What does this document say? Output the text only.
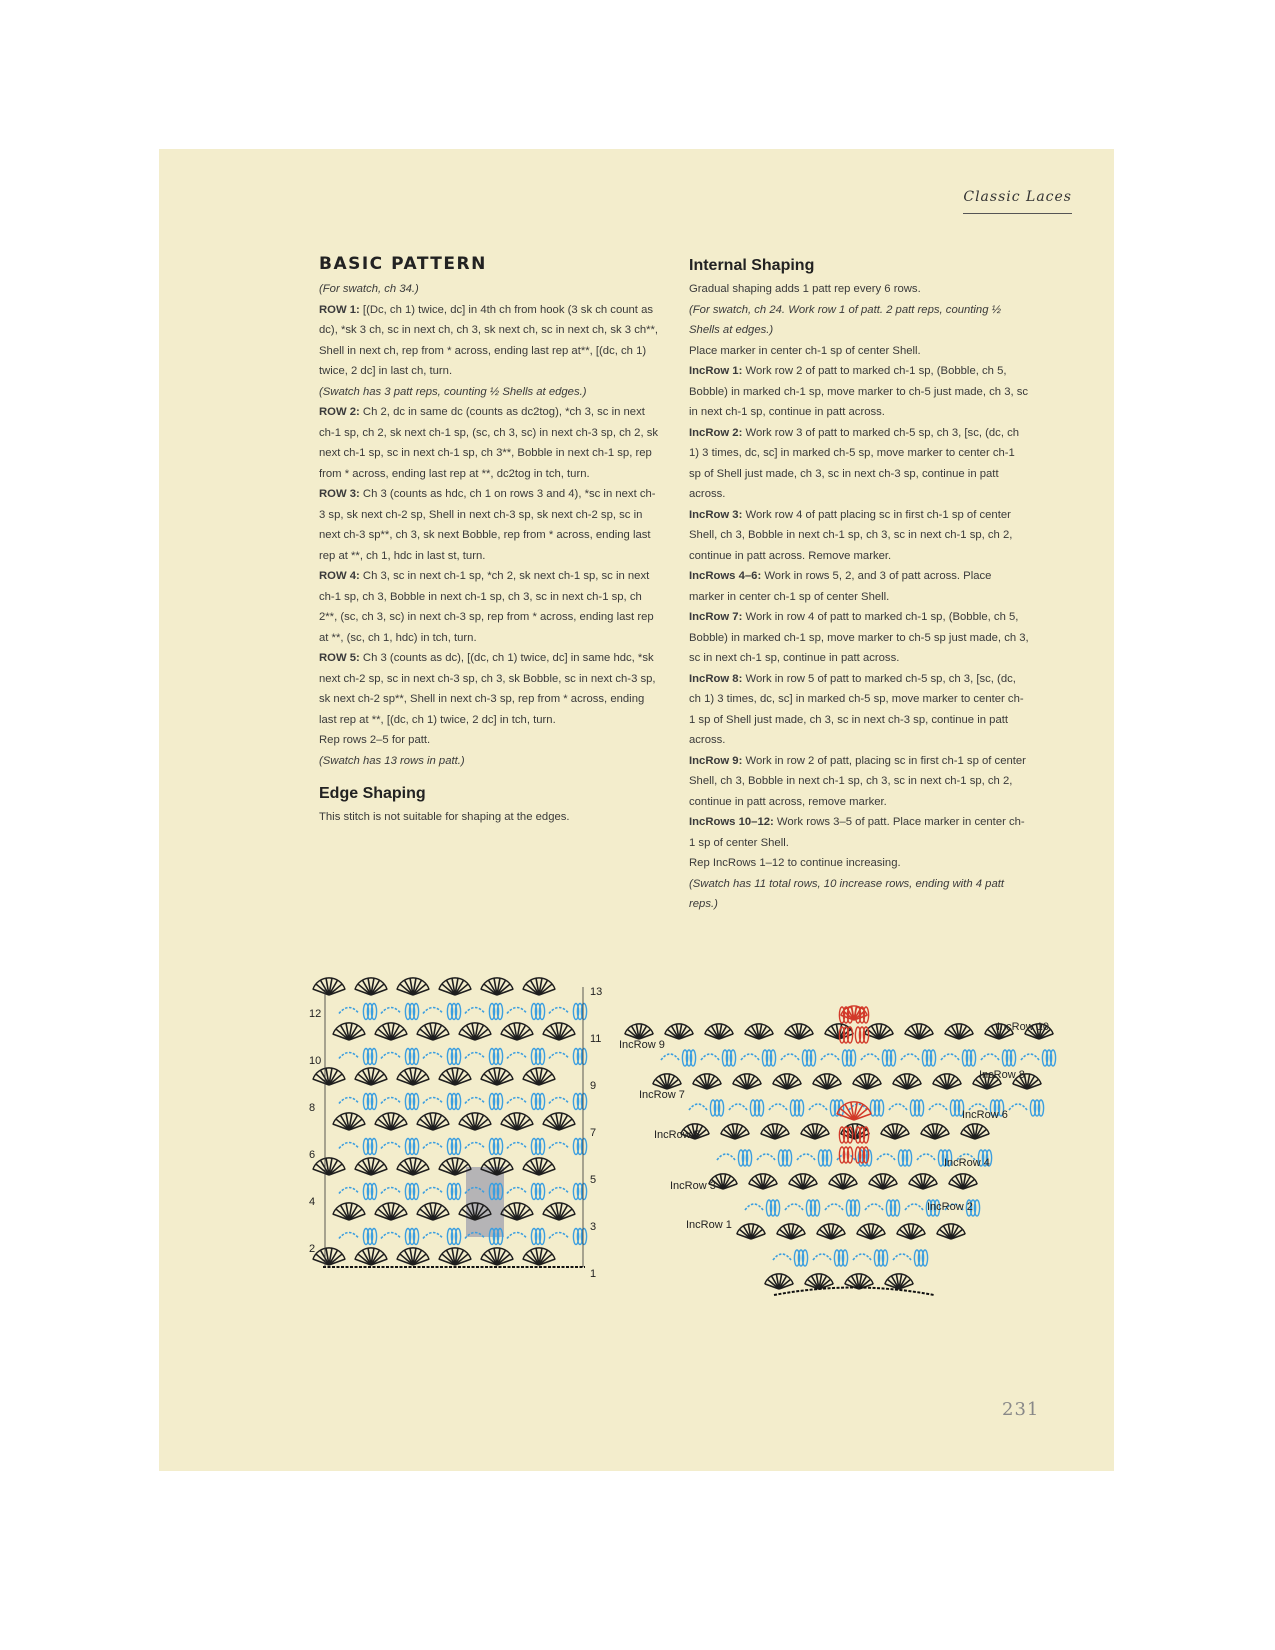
Classic Laces
BASIC PATTERN

(For swatch, ch 34.)

ROW 1: [(Dc, ch 1) twice, dc] in 4th ch from hook (3 sk ch count as dc), *sk 3 ch, sc in next ch, ch 3, sk next ch, sc in next ch, sk 3 ch**, Shell in next ch, rep from * across, ending last rep at**, [(dc, ch 1) twice, 2 dc] in last ch, turn.

(Swatch has 3 patt reps, counting ½ Shells at edges.)

ROW 2: Ch 2, dc in same dc (counts as dc2tog), *ch 3, sc in next ch-1 sp, ch 2, sk next ch-1 sp, (sc, ch 3, sc) in next ch-3 sp, ch 2, sk next ch-1 sp, sc in next ch-1 sp, ch 3**, Bobble in next ch-1 sp, rep from * across, ending last rep at **, dc2tog in tch, turn.

ROW 3: Ch 3 (counts as hdc, ch 1 on rows 3 and 4), *sc in next ch-3 sp, sk next ch-2 sp, Shell in next ch-3 sp, sk next ch-2 sp, sc in next ch-3 sp**, ch 3, sk next Bobble, rep from * across, ending last rep at **, ch 1, hdc in last st, turn.

ROW 4: Ch 3, sc in next ch-1 sp, *ch 2, sk next ch-1 sp, sc in next ch-1 sp, ch 3, Bobble in next ch-1 sp, ch 3, sc in next ch-1 sp, ch 2**, (sc, ch 3, sc) in next ch-3 sp, rep from * across, ending last rep at **, (sc, ch 1, hdc) in tch, turn.

ROW 5: Ch 3 (counts as dc), [(dc, ch 1) twice, dc] in same hdc, *sk next ch-2 sp, sc in next ch-3 sp, ch 3, sk Bobble, sc in next ch-3 sp, sk next ch-2 sp**, Shell in next ch-3 sp, rep from * across, ending last rep at **, [(dc, ch 1) twice, 2 dc] in tch, turn.

Rep rows 2–5 for patt.

(Swatch has 13 rows in patt.)

Edge Shaping

This stitch is not suitable for shaping at the edges.

Internal Shaping

Gradual shaping adds 1 patt rep every 6 rows.

(For swatch, ch 24. Work row 1 of patt. 2 patt reps, counting ½ Shells at edges.)

Place marker in center ch-1 sp of center Shell.

IncRow 1: Work row 2 of patt to marked ch-1 sp, (Bobble, ch 5, Bobble) in marked ch-1 sp, move marker to ch-5 just made, ch 3, sc in next ch-1 sp, continue in patt across.

IncRow 2: Work row 3 of patt to marked ch-5 sp, ch 3, [sc, (dc, ch 1) 3 times, dc, sc] in marked ch-5 sp, move marker to center ch-1 sp of Shell just made, ch 3, sc in next ch-3 sp, continue in patt across.

IncRow 3: Work row 4 of patt placing sc in first ch-1 sp of center Shell, ch 3, Bobble in next ch-1 sp, ch 3, sc in next ch-1 sp, ch 2, continue in patt across. Remove marker.

IncRows 4–6: Work in rows 5, 2, and 3 of patt across. Place marker in center ch-1 sp of center Shell.

IncRow 7: Work in row 4 of patt to marked ch-1 sp, (Bobble, ch 5, Bobble) in marked ch-1 sp, move marker to ch-5 sp just made, ch 3, sc in next ch-1 sp, continue in patt across.

IncRow 8: Work in row 5 of patt to marked ch-5 sp, ch 3, [sc, (dc, ch 1) 3 times, dc, sc] in marked ch-5 sp, move marker to center ch-1 sp of Shell just made, ch 3, sc in next ch-3 sp, continue in patt across.

IncRow 9: Work in row 2 of patt, placing sc in first ch-1 sp of center Shell, ch 3, Bobble in next ch-1 sp, ch 3, sc in next ch-1 sp, ch 2, continue in patt across, remove marker.

IncRows 10–12: Work rows 3–5 of patt. Place marker in center ch-1 sp of center Shell.

Rep IncRows 1–12 to continue increasing.

(Swatch has 11 total rows, 10 increase rows, ending with 4 patt reps.)

13
11
9
7
5
3
1
12
10
8
6
4
2
IncRow 9
IncRow 7
IncRow 5
IncRow 3
IncRow 1
IncRow 10
IncRow 8
IncRow 6
IncRow 4
IncRow 2
231
